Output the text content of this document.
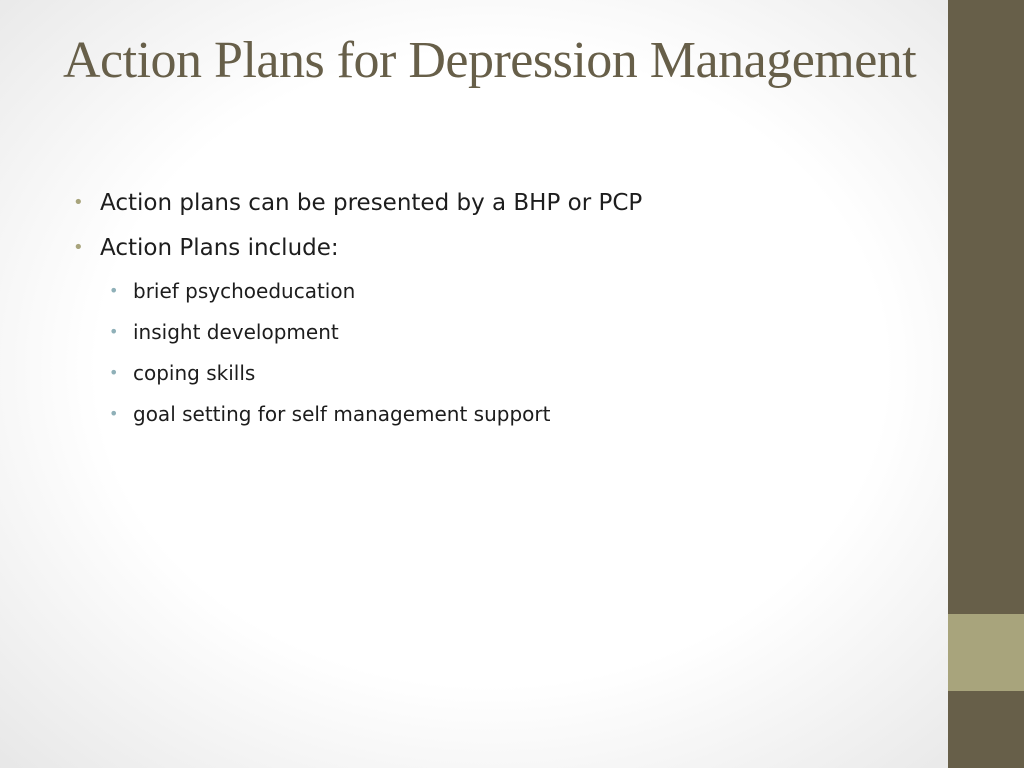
Action Plans for Depression Management
• Action plans can be presented by a BHP or PCP
• Action Plans include:
• brief psychoeducation
• insight development
• coping skills
• goal setting for self management support
